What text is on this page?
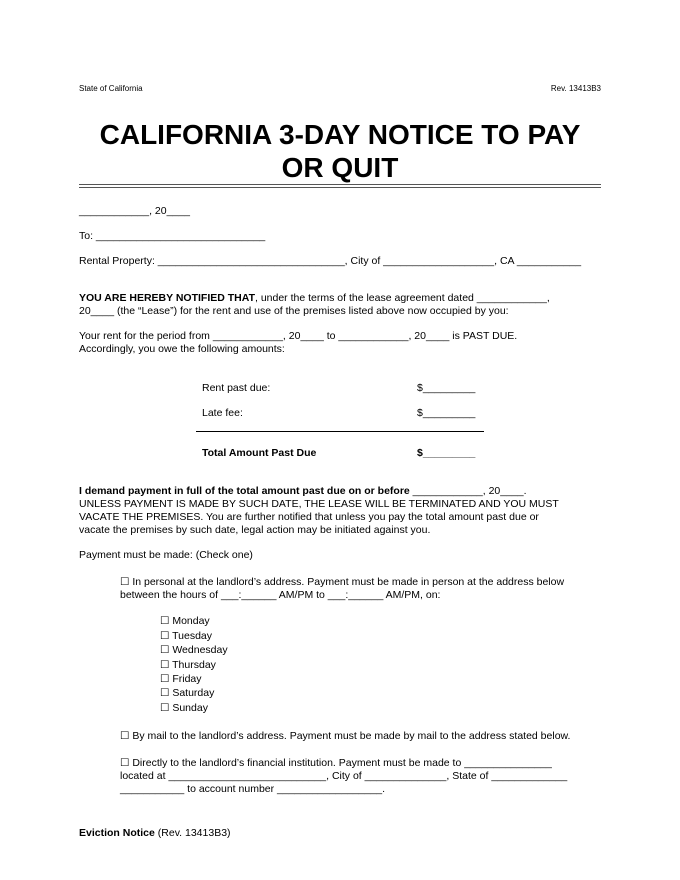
State of California	Rev. 13413B3
CALIFORNIA 3-DAY NOTICE TO PAY
OR QUIT
____________, 20____
To: _____________________________
Rental Property: ________________________________, City of ___________________, CA ___________
YOU ARE HEREBY NOTIFIED THAT, under the terms of the lease agreement dated ____________,
20____ (the “Lease”) for the rent and use of the premises listed above now occupied by you:
Your rent for the period from ____________, 20____ to ____________, 20____ is PAST DUE.
Accordingly, you owe the following amounts:
Rent past due:	$_________
Late fee:	$_________
Total Amount Past Due	$_________
I demand payment in full of the total amount past due on or before ____________, 20____.
UNLESS PAYMENT IS MADE BY SUCH DATE, THE LEASE WILL BE TERMINATED AND YOU MUST
VACATE THE PREMISES. You are further notified that unless you pay the total amount past due or
vacate the premises by such date, legal action may be initiated against you.
Payment must be made: (Check one)
☐ In personal at the landlord’s address. Payment must be made in person at the address below
between the hours of ___:______ AM/PM to ___:______ AM/PM, on:
☐ Monday
☐ Tuesday
☐ Wednesday
☐ Thursday
☐ Friday
☐ Saturday
☐ Sunday
☐ By mail to the landlord’s address. Payment must be made by mail to the address stated below.
☐ Directly to the landlord’s financial institution. Payment must be made to _______________
located at ___________________________, City of ______________, State of _____________
___________ to account number __________________.
Eviction Notice (Rev. 13413B3)
